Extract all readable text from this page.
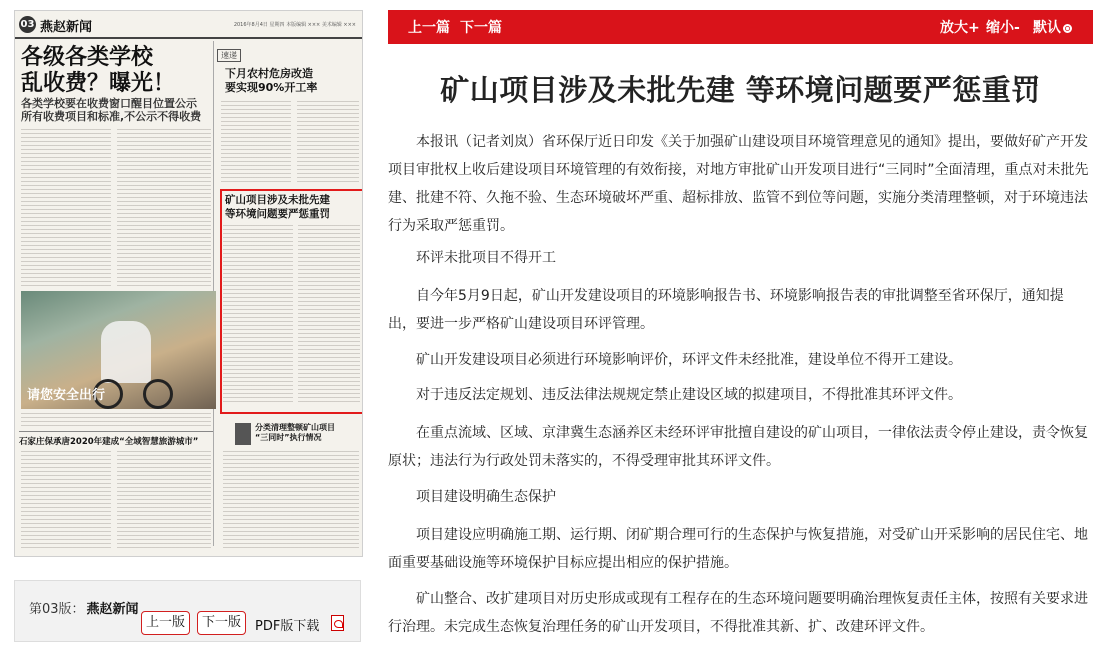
03 燕赵新闻	2016年8月4日 星期四 本版编辑 ××× 美术编辑 ×××
各级各类学校
乱收费？曝光！
各类学校要在收费窗口醒目位置公示
所有收费项目和标准,不公示不得收费
请您安全出行
石家庄保承唐2020年建成“全域智慧旅游城市”
速递
下月农村危房改造
要实现90%开工率
矿山项目涉及未批先建
等环境问题要严惩重罚
分类清理整顿矿山项目
“三同时”执行情况
第03版： 燕赵新闻
上一版	下一版	PDF版下载
上一篇 下一篇	放大+ 缩小- 默认
矿山项目涉及未批先建 等环境问题要严惩重罚

本报讯（记者刘岚）省环保厅近日印发《关于加强矿山建设项目环境管理意见的通知》提出，要做好矿产开发项目审批权上收后建设项目环境管理的有效衔接，对地方审批矿山开发项目进行“三同时”全面清理，重点对未批先建、批建不符、久拖不验、生态环境破坏严重、超标排放、监管不到位等问题，实施分类清理整顿，对于环境违法行为采取严惩重罚。

环评未批项目不得开工

自今年5月9日起，矿山开发建设项目的环境影响报告书、环境影响报告表的审批调整至省环保厅，通知提出，要进一步严格矿山建设项目环评管理。

矿山开发建设项目必须进行环境影响评价，环评文件未经批准，建设单位不得开工建设。

对于违反法定规划、违反法律法规规定禁止建设区域的拟建项目，不得批准其环评文件。

在重点流域、区域、京津冀生态涵养区未经环评审批擅自建设的矿山项目，一律依法责令停止建设，责令恢复原状；违法行为行政处罚未落实的，不得受理审批其环评文件。

项目建设明确生态保护

项目建设应明确施工期、运行期、闭矿期合理可行的生态保护与恢复措施，对受矿山开采影响的居民住宅、地面重要基础设施等环境保护目标应提出相应的保护措施。

矿山整合、改扩建项目对历史形成或现有工程存在的生态环境问题要明确治理恢复责任主体，按照有关要求进行治理。未完成生态恢复治理任务的矿山开发项目，不得批准其新、扩、改建环评文件。
